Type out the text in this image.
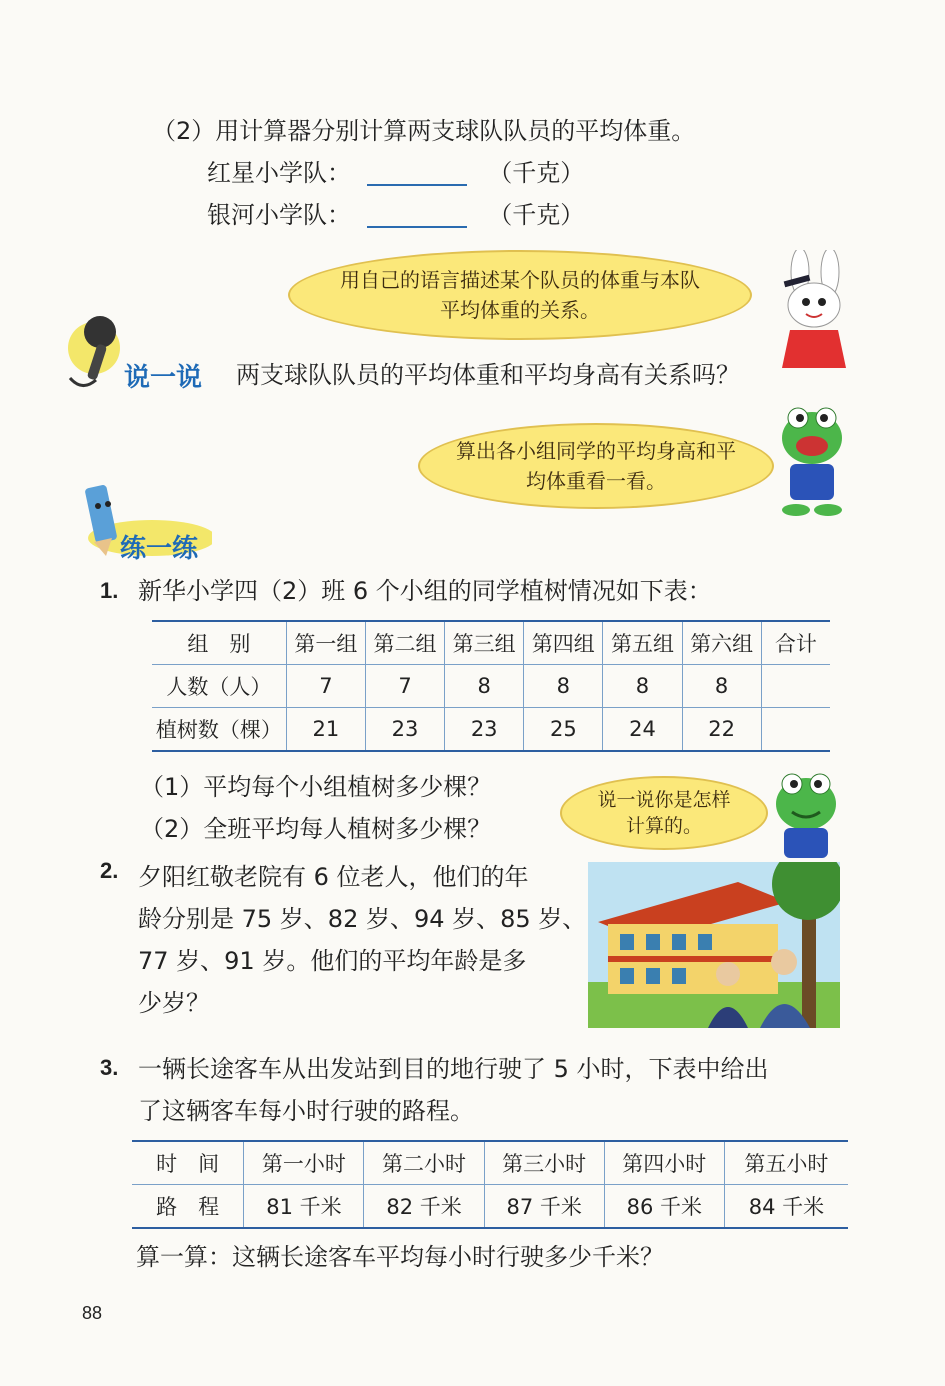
（2）用计算器分别计算两支球队队员的平均体重。
红星小学队：	（千克）
银河小学队：	（千克）
用自己的语言描述某个队员的体重与本队平均体重的关系。
说一说 两支球队队员的平均体重和平均身高有关系吗？
算出各小组同学的平均身高和平均体重看一看。
练一练
1. 新华小学四（2）班 6 个小组的同学植树情况如下表：
组　别	第一组	第二组	第三组	第四组	第五组	第六组	合计
人数（人）	7	7	8	8	8	8	
植树数（棵）	21	23	23	25	24	22	
（1）平均每个小组植树多少棵？
（2）全班平均每人植树多少棵？
说一说你是怎样计算的。
2. 夕阳红敬老院有 6 位老人，他们的年
龄分别是 75 岁、82 岁、94 岁、85 岁、
77 岁、91 岁。他们的平均年龄是多
少岁？
3. 一辆长途客车从出发站到目的地行驶了 5 小时，下表中给出
了这辆客车每小时行驶的路程。
时　间	第一小时	第二小时	第三小时	第四小时	第五小时
路　程	81 千米	82 千米	87 千米	86 千米	84 千米
算一算：这辆长途客车平均每小时行驶多少千米？
88
